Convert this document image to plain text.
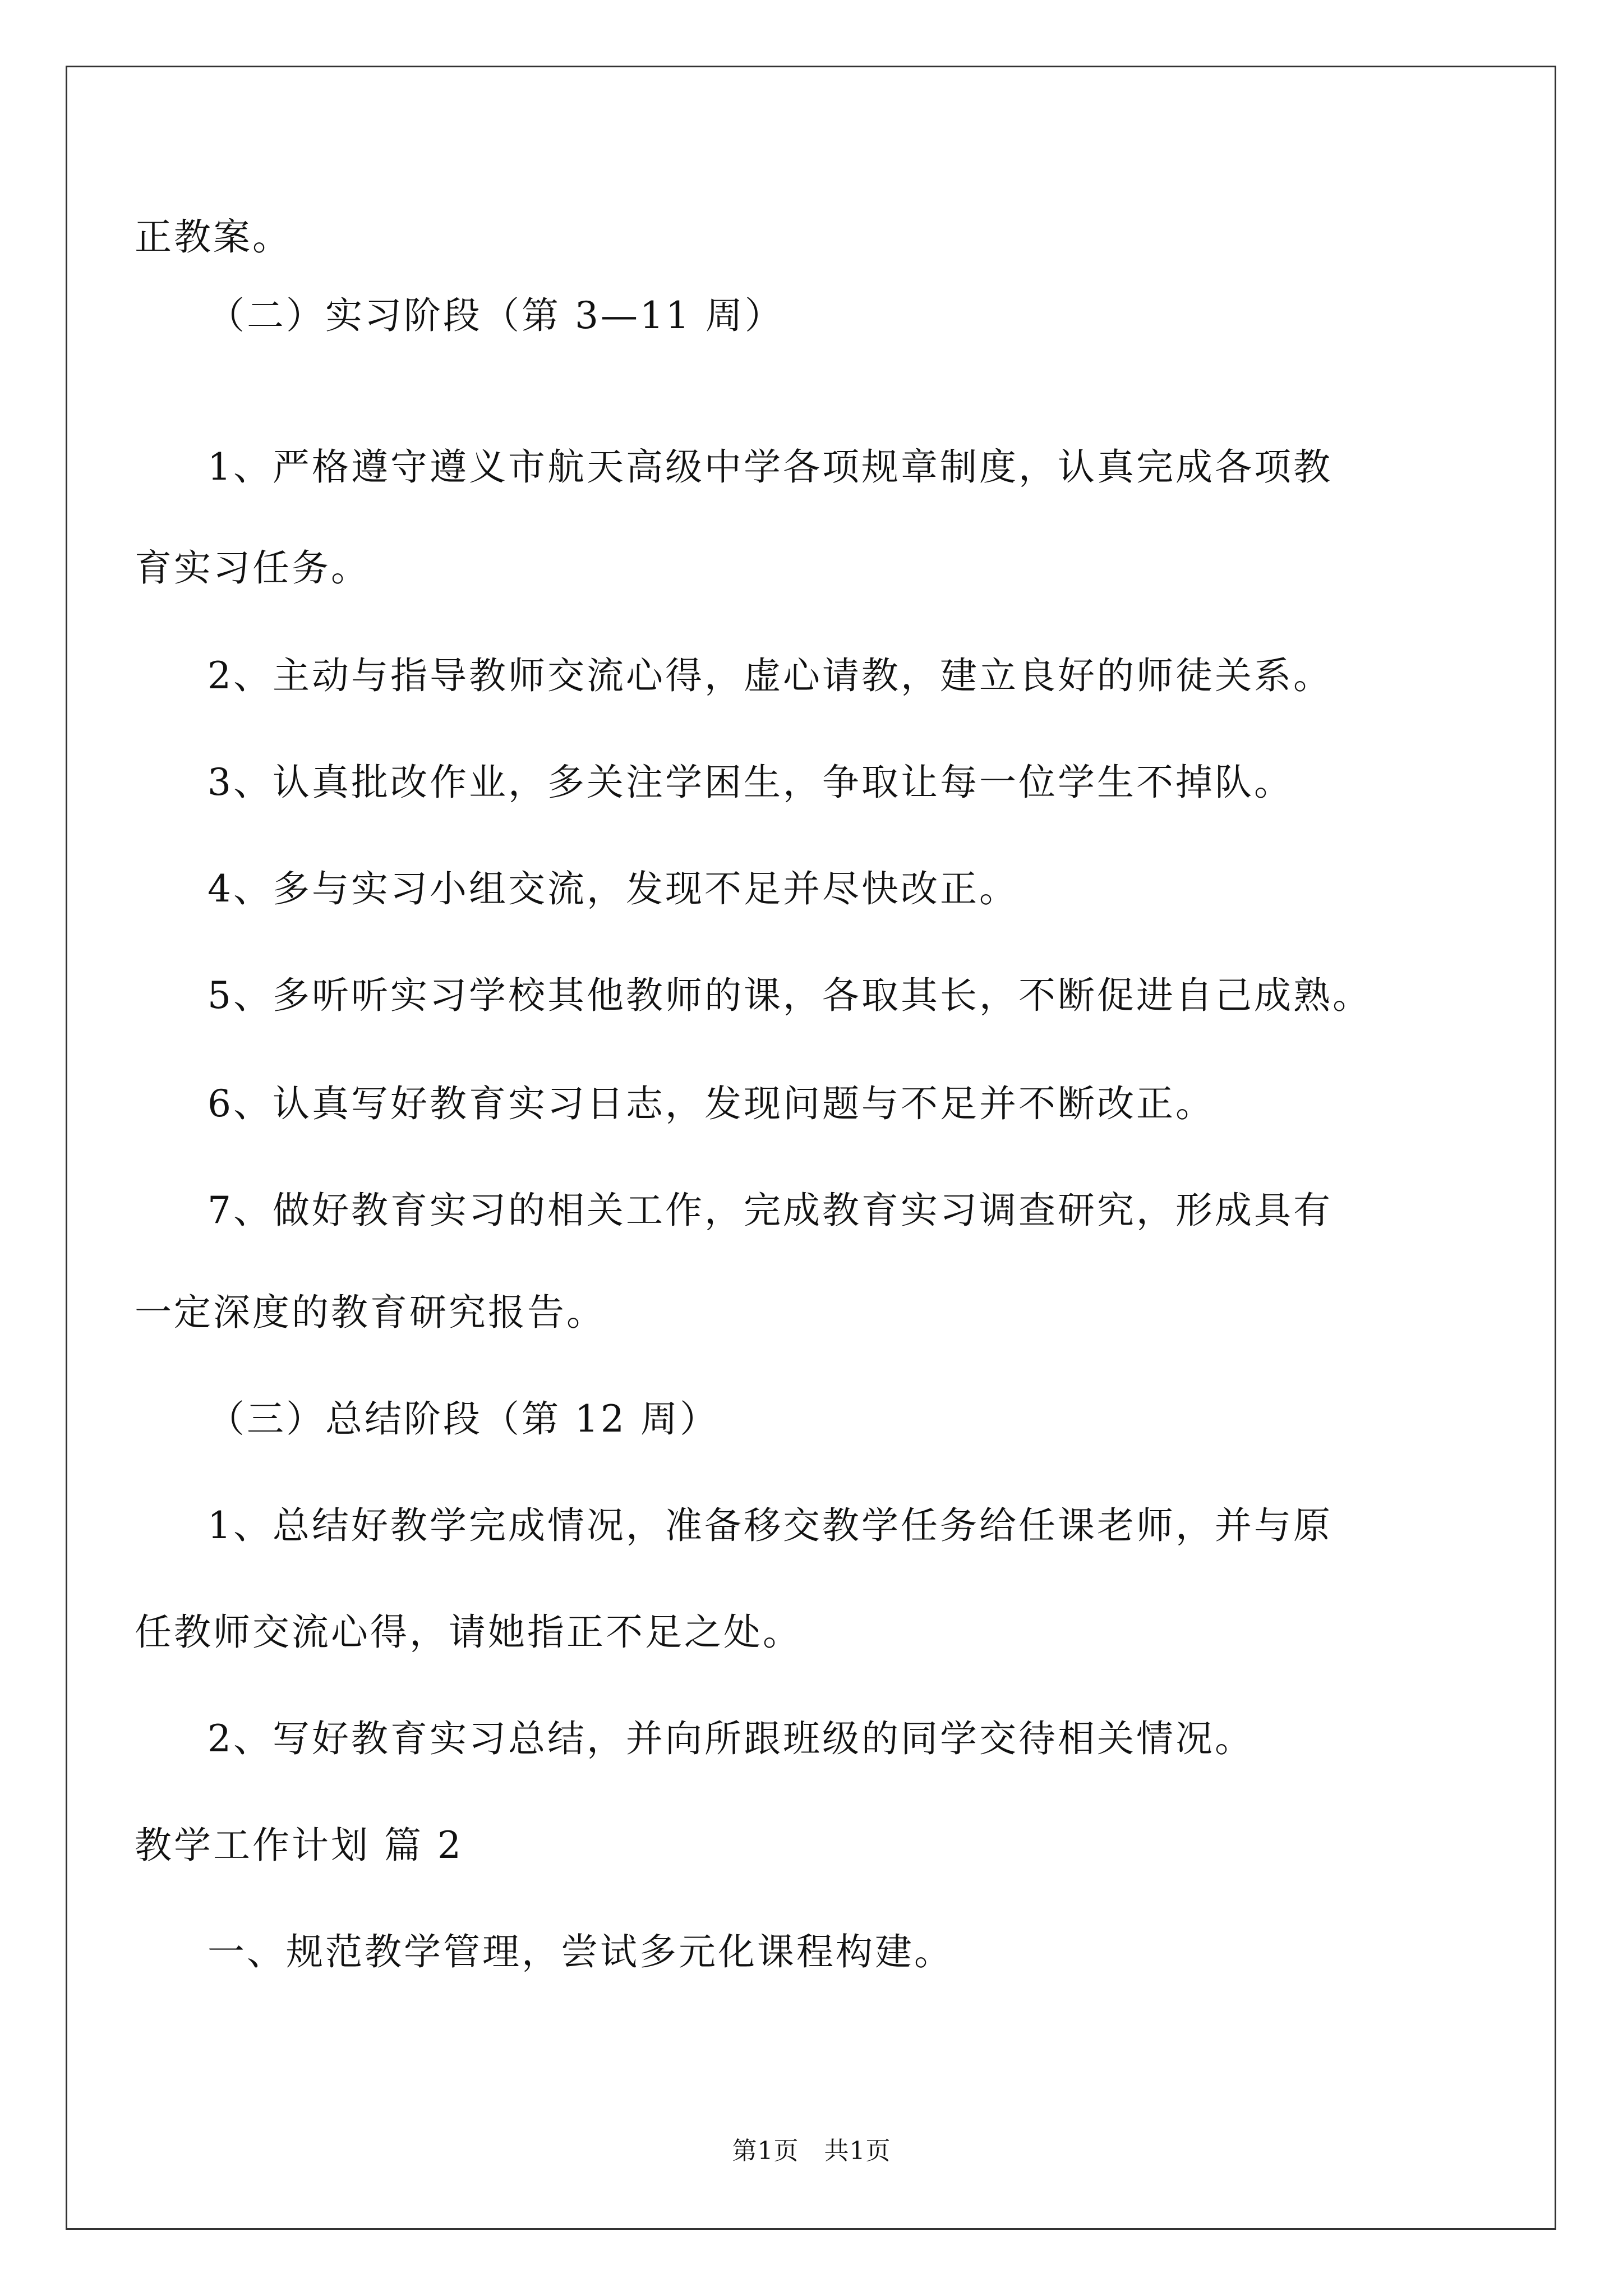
正教案。
（二）实习阶段（第 3—11 周）
1、严格遵守遵义市航天高级中学各项规章制度，认真完成各项教
育实习任务。
2、主动与指导教师交流心得，虚心请教，建立良好的师徒关系。
3、认真批改作业，多关注学困生，争取让每一位学生不掉队。
4、多与实习小组交流，发现不足并尽快改正。
5、多听听实习学校其他教师的课，各取其长，不断促进自己成熟。
6、认真写好教育实习日志，发现问题与不足并不断改正。
7、做好教育实习的相关工作，完成教育实习调查研究，形成具有
一定深度的教育研究报告。
（三）总结阶段（第 12 周）
1、总结好教学完成情况，准备移交教学任务给任课老师，并与原
任教师交流心得，请她指正不足之处。
2、写好教育实习总结，并向所跟班级的同学交待相关情况。
教学工作计划 篇 2
一、规范教学管理，尝试多元化课程构建。
第1页　共1页
